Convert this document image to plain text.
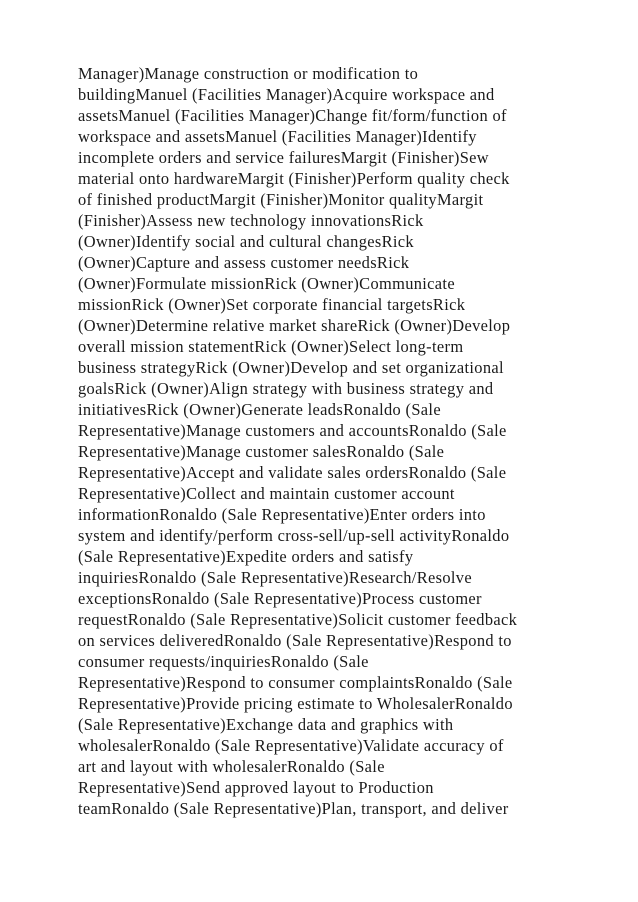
Manager)Manage construction or modification to
buildingManuel (Facilities Manager)Acquire workspace and
assetsManuel (Facilities Manager)Change fit/form/function of
workspace and assetsManuel (Facilities Manager)Identify
incomplete orders and service failuresMargit (Finisher)Sew
material onto hardwareMargit (Finisher)Perform quality check
of finished productMargit (Finisher)Monitor qualityMargit
(Finisher)Assess new technology innovationsRick
(Owner)Identify social and cultural changesRick
(Owner)Capture and assess customer needsRick
(Owner)Formulate missionRick (Owner)Communicate
missionRick (Owner)Set corporate financial targetsRick
(Owner)Determine relative market shareRick (Owner)Develop
overall mission statementRick (Owner)Select long-term
business strategyRick (Owner)Develop and set organizational
goalsRick (Owner)Align strategy with business strategy and
initiativesRick (Owner)Generate leadsRonaldo (Sale
Representative)Manage customers and accountsRonaldo (Sale
Representative)Manage customer salesRonaldo (Sale
Representative)Accept and validate sales ordersRonaldo (Sale
Representative)Collect and maintain customer account
informationRonaldo (Sale Representative)Enter orders into
system and identify/perform cross-sell/up-sell activityRonaldo
(Sale Representative)Expedite orders and satisfy
inquiriesRonaldo (Sale Representative)Research/Resolve
exceptionsRonaldo (Sale Representative)Process customer
requestRonaldo (Sale Representative)Solicit customer feedback
on services deliveredRonaldo (Sale Representative)Respond to
consumer requests/inquiriesRonaldo (Sale
Representative)Respond to consumer complaintsRonaldo (Sale
Representative)Provide pricing estimate to WholesalerRonaldo
(Sale Representative)Exchange data and graphics with
wholesalerRonaldo (Sale Representative)Validate accuracy of
art and layout with wholesalerRonaldo (Sale
Representative)Send approved layout to Production
teamRonaldo (Sale Representative)Plan, transport, and deliver
